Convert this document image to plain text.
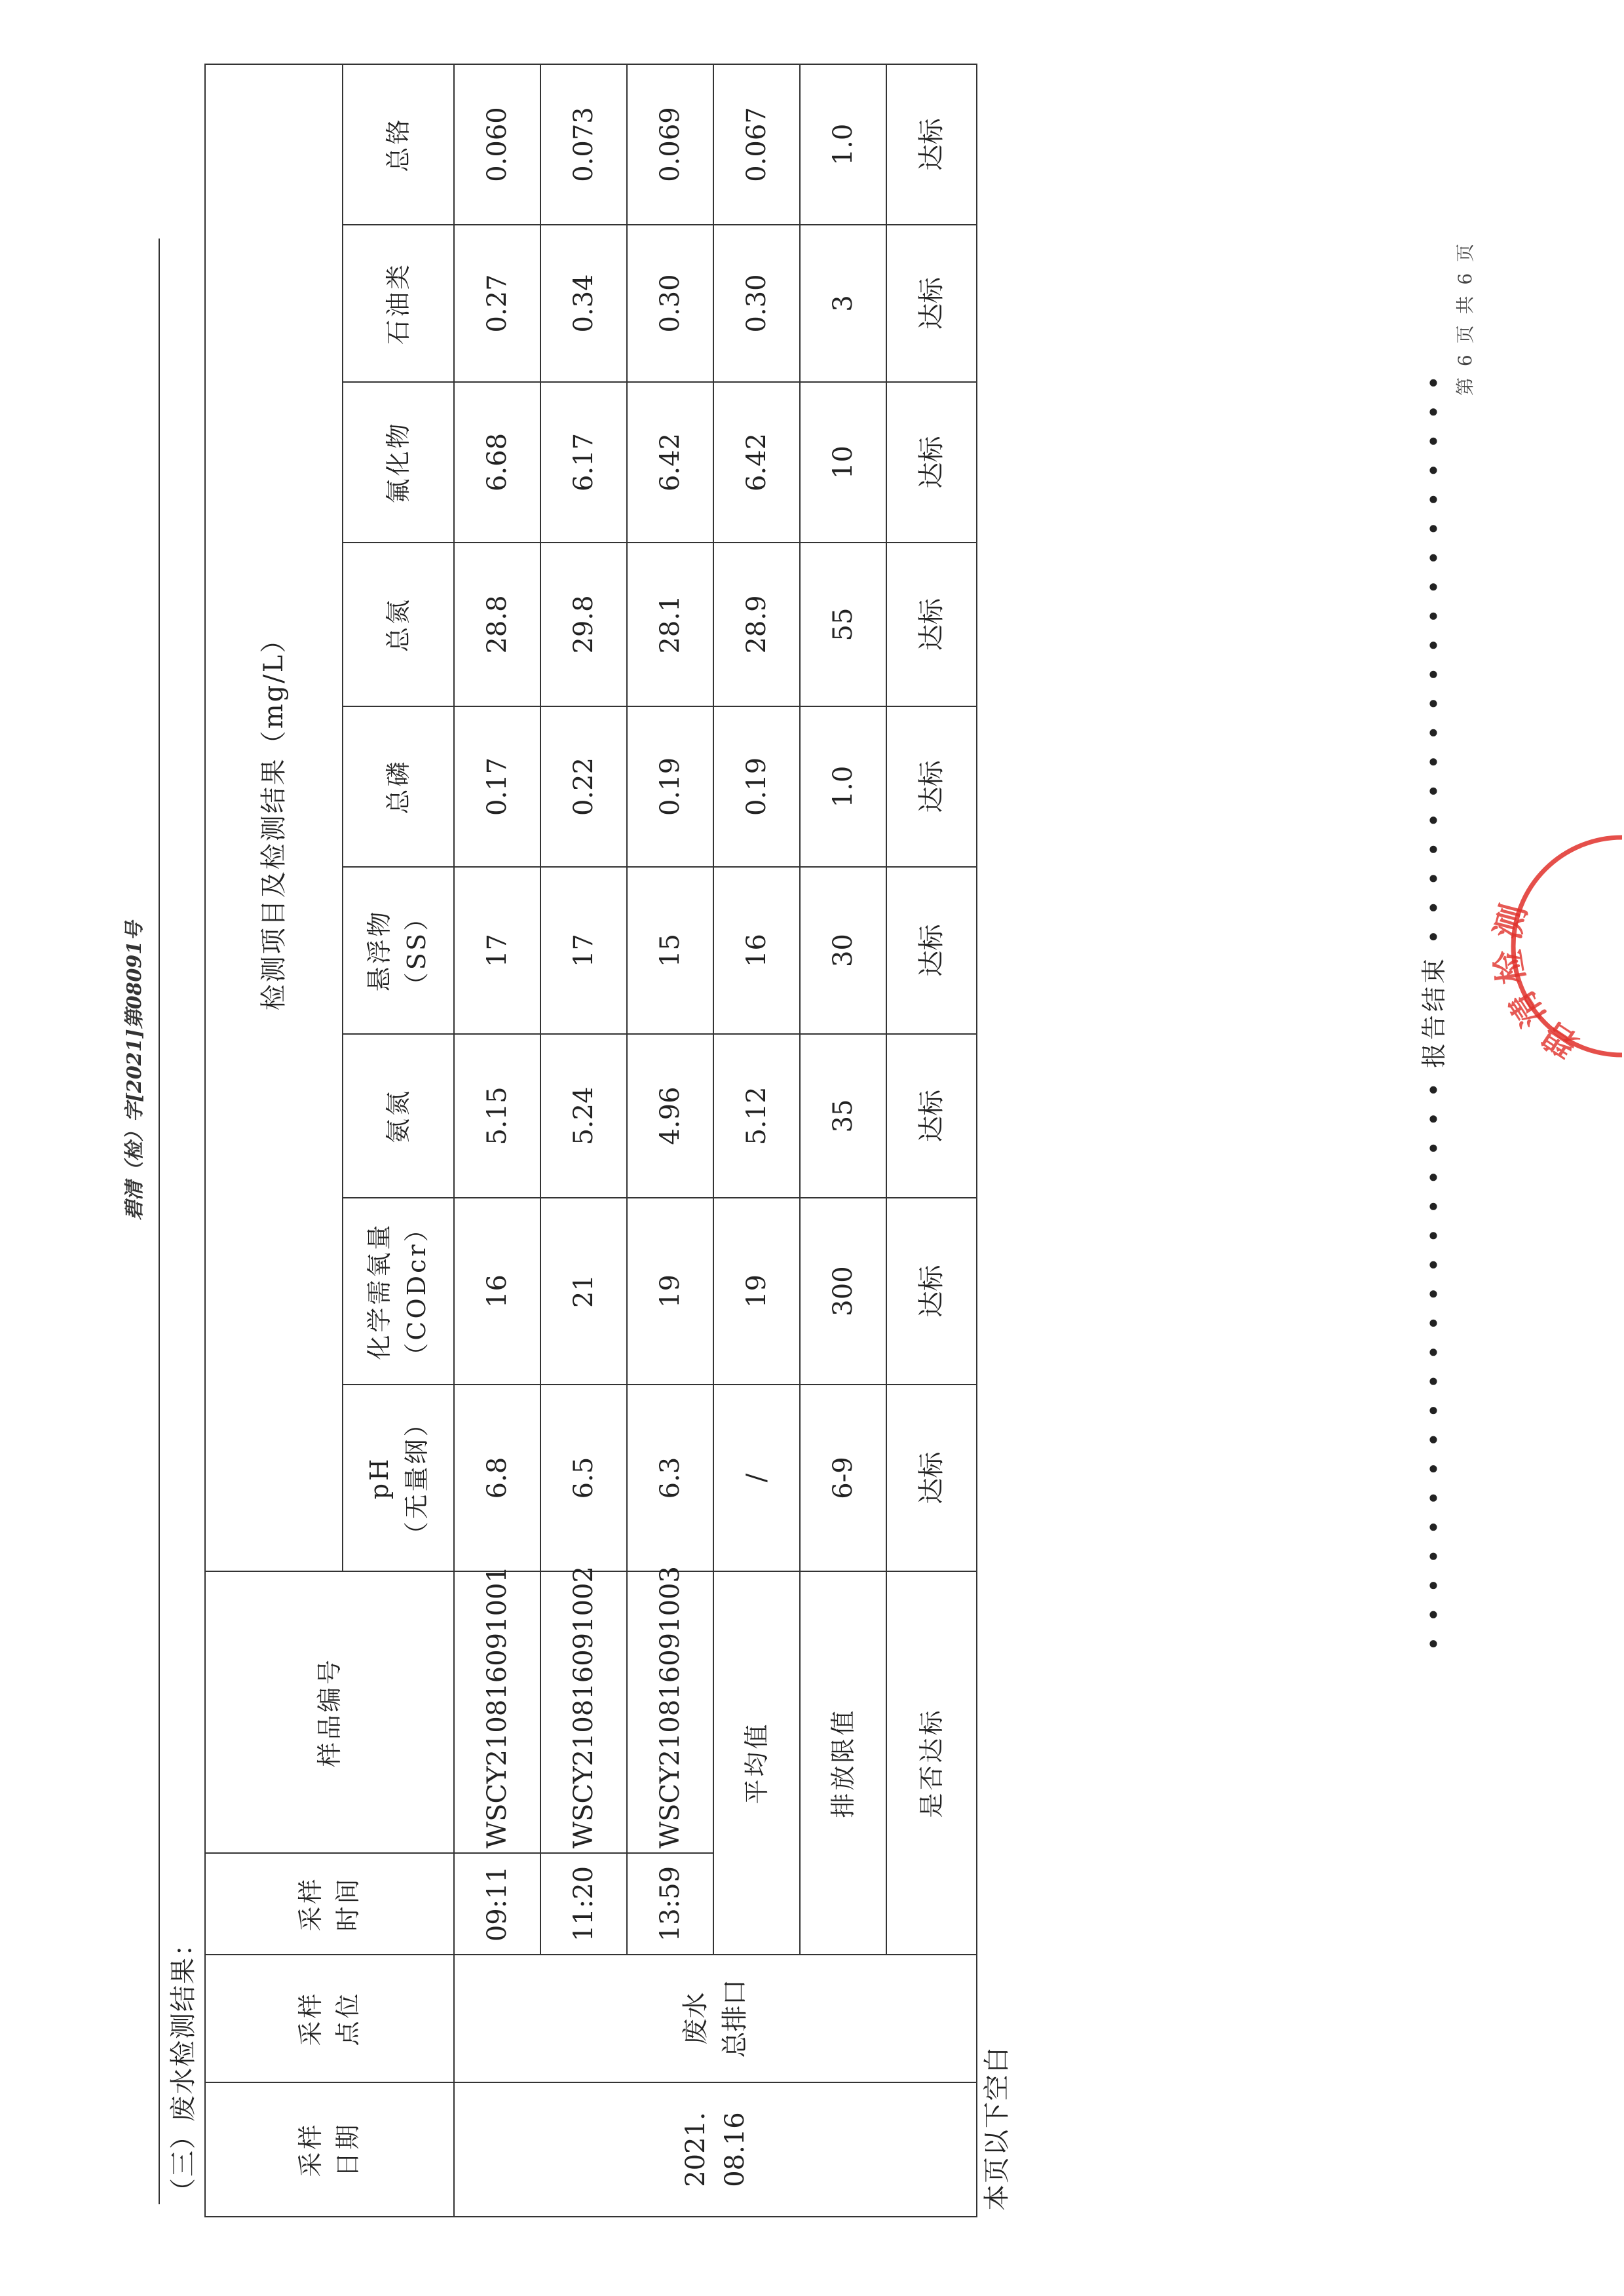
碧清（检）字[2021]第08091号
（三）废水检测结果：	采样 日期	采样 点位	采样 时间	样品编号	检测项目及检测结果（mg/L）								

				pH （无量纲）	化学需氧量 （CODcr）	氨氮	悬浮物 （SS）	总磷	总氮	氟化物	石油类	总铬

2021. 08.16	废水 总排口	09:11	WSCY210816091001	6.8	16	5.15	17	0.17	28.8	6.68	0.27	0.060
		11:20	WSCY210816091002	6.5	21	5.24	17	0.22	29.8	6.17	0.34	0.073
		13:59	WSCY210816091003	6.3	19	4.96	15	0.19	28.1	6.42	0.30	0.069
		平均值		/	19	5.12	16	0.19	28.9	6.42	0.30	0.067
		排放限值		6-9	300	35	30	1.0	55	10	3	1.0
		是否达标		达标	达标	达标	达标	达标	达标	达标	达标	达标
本页以下空白
• • • • • • • • • • • • • • • • • • • • 报告结束 • • • • • • • • • • • • • • • • • • • •
第 6 页 共 6 页
碧清检测
